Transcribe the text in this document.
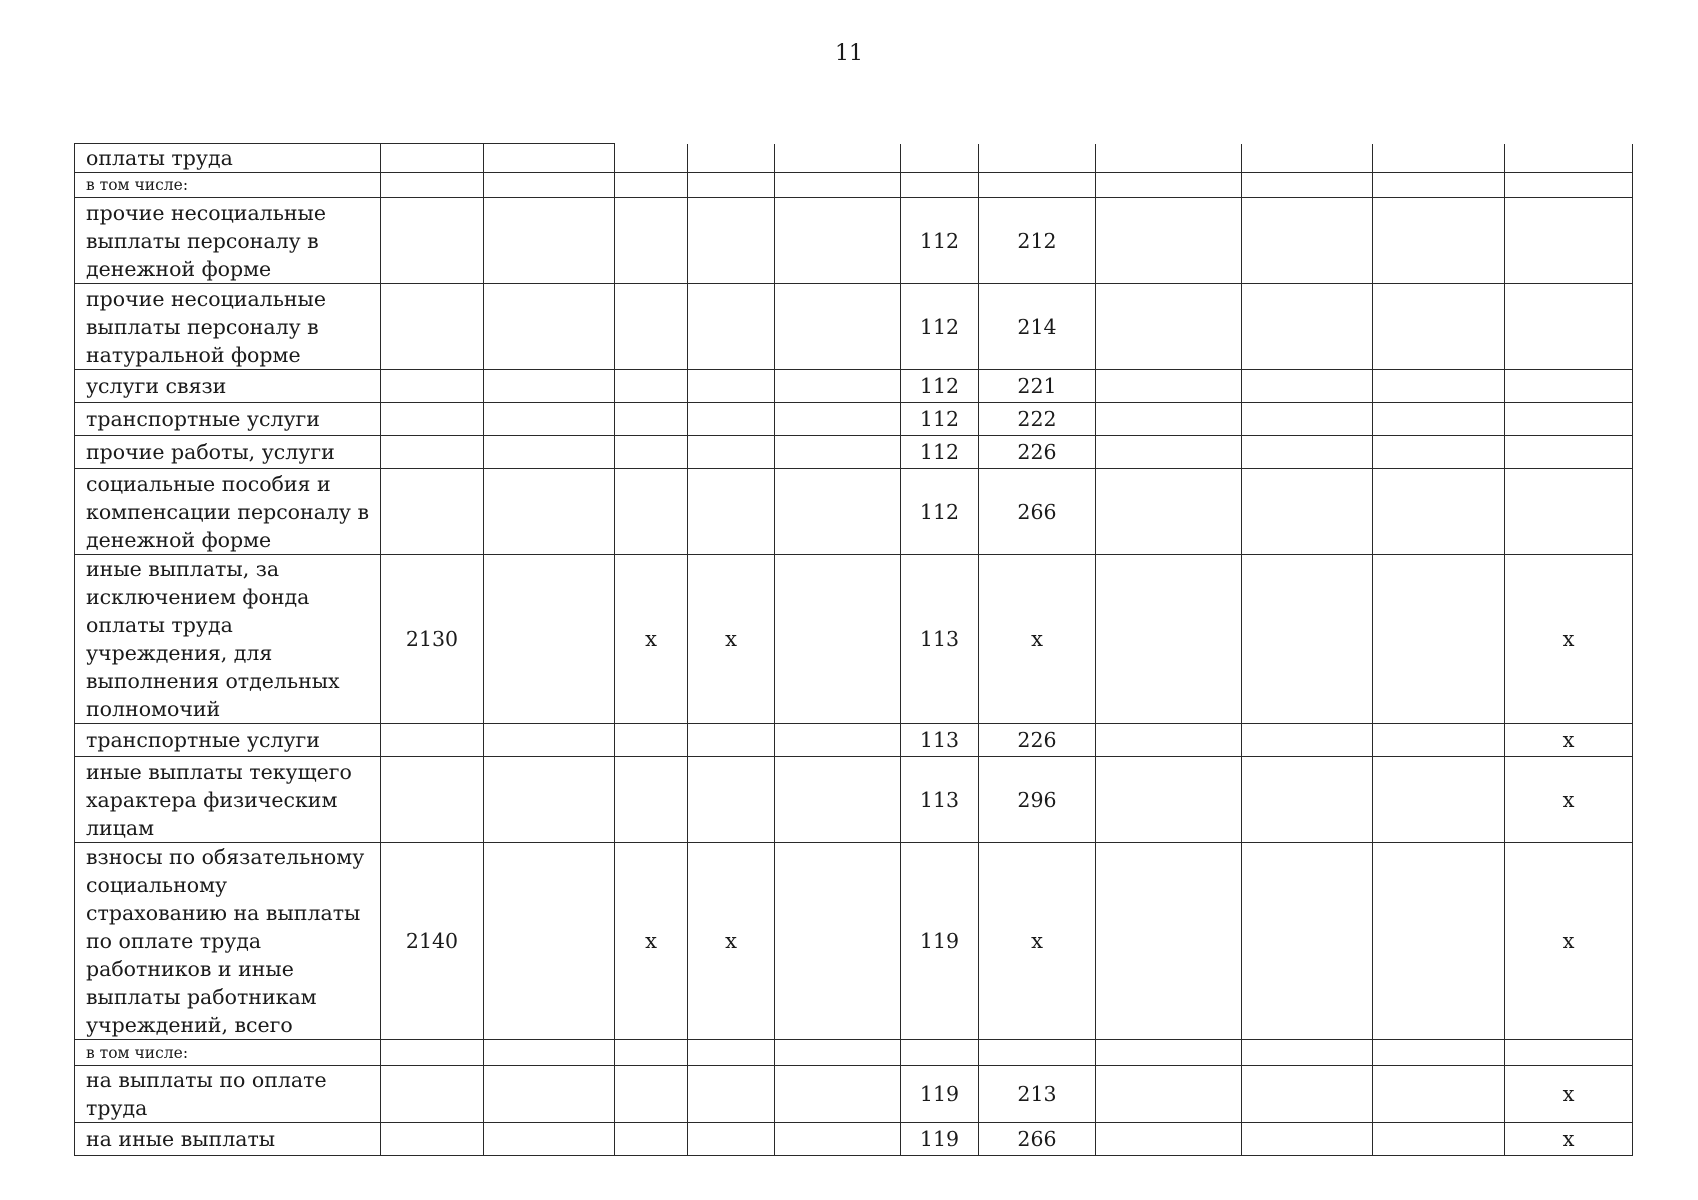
11
оплаты труда											
в том числе:											
прочие несоциальные выплаты персоналу в денежной форме						112	212				
прочие несоциальные выплаты персоналу в натуральной форме						112	214				
услуги связи						112	221				
транспортные услуги						112	222				
прочие работы, услуги						112	226				
социальные пособия и компенсации персоналу в денежной форме						112	266				
иные выплаты, за исключением фонда оплаты труда учреждения, для выполнения отдельных полномочий	2130		х	х		113	х				х
транспортные услуги						113	226				х
иные выплаты текущего характера физическим лицам						113	296				х
взносы по обязательному социальному страхованию на выплаты по оплате труда работников и иные выплаты работникам учреждений, всего	2140		х	х		119	х				х
в том числе:											
на выплаты по оплате труда						119	213				х
на иные выплаты						119	266				х
